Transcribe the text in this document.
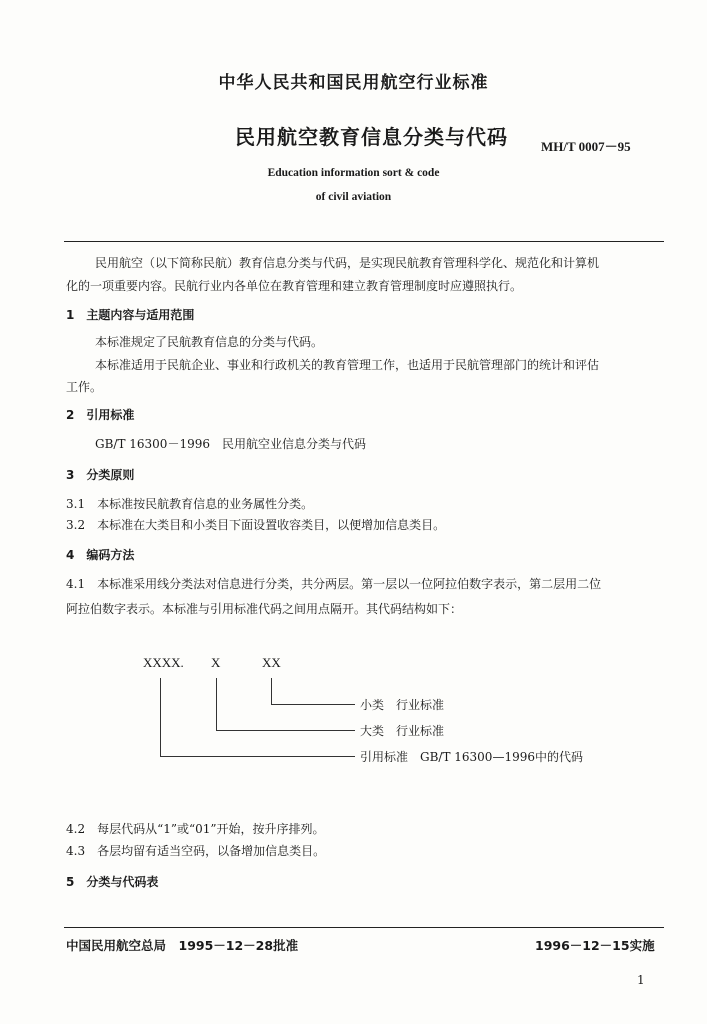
中华人民共和国民用航空行业标准
民用航空教育信息分类与代码	MH/T 0007－95
Education information sort & code
of civil aviation
民用航空（以下简称民航）教育信息分类与代码，是实现民航教育管理科学化、规范化和计算机
化的一项重要内容。民航行业内各单位在教育管理和建立教育管理制度时应遵照执行。
1　主题内容与适用范围
本标准规定了民航教育信息的分类与代码。
本标准适用于民航企业、事业和行政机关的教育管理工作，也适用于民航管理部门的统计和评估
工作。
2　引用标准
GB/T 16300－1996　民用航空业信息分类与代码
3　分类原则
3.1　本标准按民航教育信息的业务属性分类。
3.2　本标准在大类目和小类目下面设置收容类目，以便增加信息类目。
4　编码方法
4.1　本标准采用线分类法对信息进行分类，共分两层。第一层以一位阿拉伯数字表示，第二层用二位
阿拉伯数字表示。本标准与引用标准代码之间用点隔开。其代码结构如下：
XXXX. X	XX
小类　行业标准
大类　行业标准
引用标准　GB/T 16300—1996中的代码
4.2　每层代码从“1”或“01”开始，按升序排列。
4.3　各层均留有适当空码，以备增加信息类目。
5　分类与代码表
中国民用航空总局　1995－12－28批准	1996－12－15实施
1
